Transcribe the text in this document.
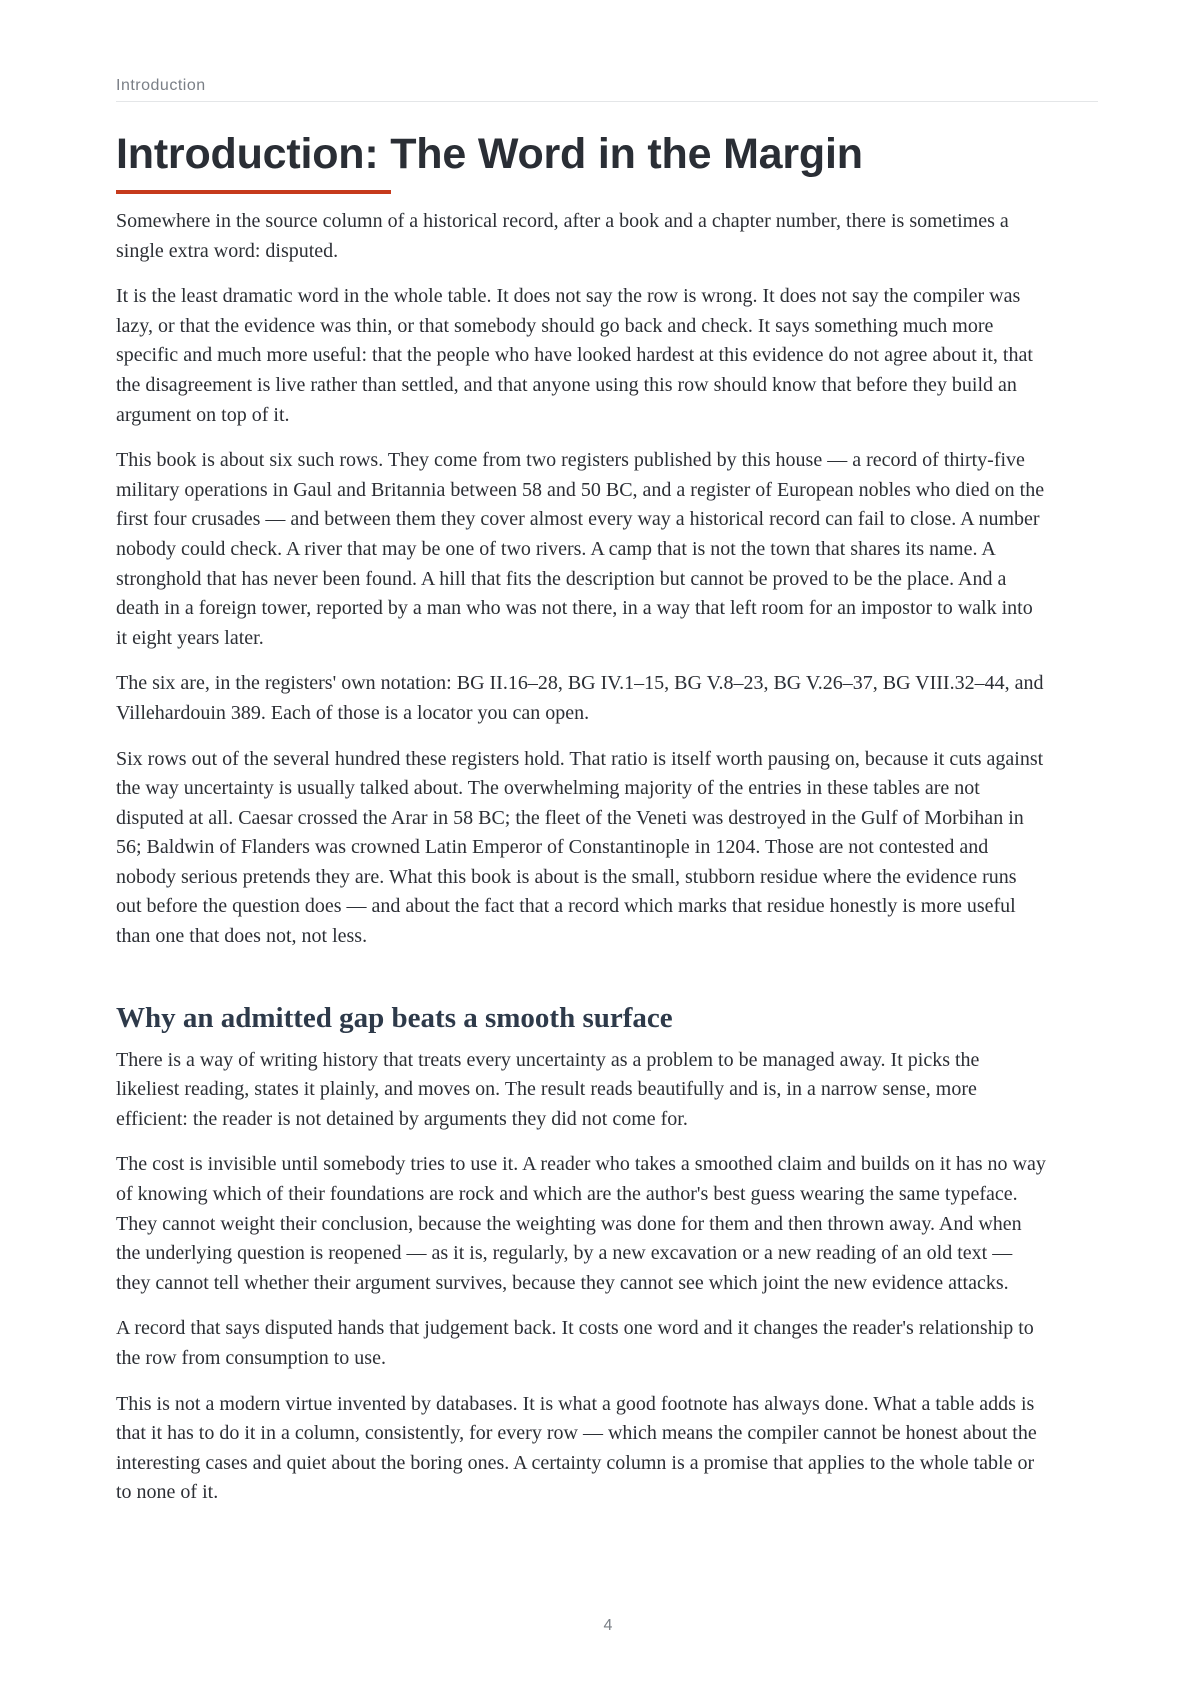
Introduction
Introduction: The Word in the Margin

Somewhere in the source column of a historical record, after a book and a chapter number, there is sometimes a single extra word: disputed.

It is the least dramatic word in the whole table. It does not say the row is wrong. It does not say the compiler was lazy, or that the evidence was thin, or that somebody should go back and check. It says something much more specific and much more useful: that the people who have looked hardest at this evidence do not agree about it, that the disagreement is live rather than settled, and that anyone using this row should know that before they build an argument on top of it.

This book is about six such rows. They come from two registers published by this house — a record of thirty-five military operations in Gaul and Britannia between 58 and 50 BC, and a register of European nobles who died on the first four crusades — and between them they cover almost every way a historical record can fail to close. A number nobody could check. A river that may be one of two rivers. A camp that is not the town that shares its name. A stronghold that has never been found. A hill that fits the description but cannot be proved to be the place. And a death in a foreign tower, reported by a man who was not there, in a way that left room for an impostor to walk into it eight years later.

The six are, in the registers' own notation: BG II.16–28, BG IV.1–15, BG V.8–23, BG V.26–37, BG VIII.32–44, and Villehardouin 389. Each of those is a locator you can open.

Six rows out of the several hundred these registers hold. That ratio is itself worth pausing on, because it cuts against the way uncertainty is usually talked about. The overwhelming majority of the entries in these tables are not disputed at all. Caesar crossed the Arar in 58 BC; the fleet of the Veneti was destroyed in the Gulf of Morbihan in 56; Baldwin of Flanders was crowned Latin Emperor of Constantinople in 1204. Those are not contested and nobody serious pretends they are. What this book is about is the small, stubborn residue where the evidence runs out before the question does — and about the fact that a record which marks that residue honestly is more useful than one that does not, not less.

Why an admitted gap beats a smooth surface

There is a way of writing history that treats every uncertainty as a problem to be managed away. It picks the likeliest reading, states it plainly, and moves on. The result reads beautifully and is, in a narrow sense, more efficient: the reader is not detained by arguments they did not come for.

The cost is invisible until somebody tries to use it. A reader who takes a smoothed claim and builds on it has no way of knowing which of their foundations are rock and which are the author's best guess wearing the same typeface. They cannot weight their conclusion, because the weighting was done for them and then thrown away. And when the underlying question is reopened — as it is, regularly, by a new excavation or a new reading of an old text — they cannot tell whether their argument survives, because they cannot see which joint the new evidence attacks.

A record that says disputed hands that judgement back. It costs one word and it changes the reader's relationship to the row from consumption to use.

This is not a modern virtue invented by databases. It is what a good footnote has always done. What a table adds is that it has to do it in a column, consistently, for every row — which means the compiler cannot be honest about the interesting cases and quiet about the boring ones. A certainty column is a promise that applies to the whole table or to none of it.

4
